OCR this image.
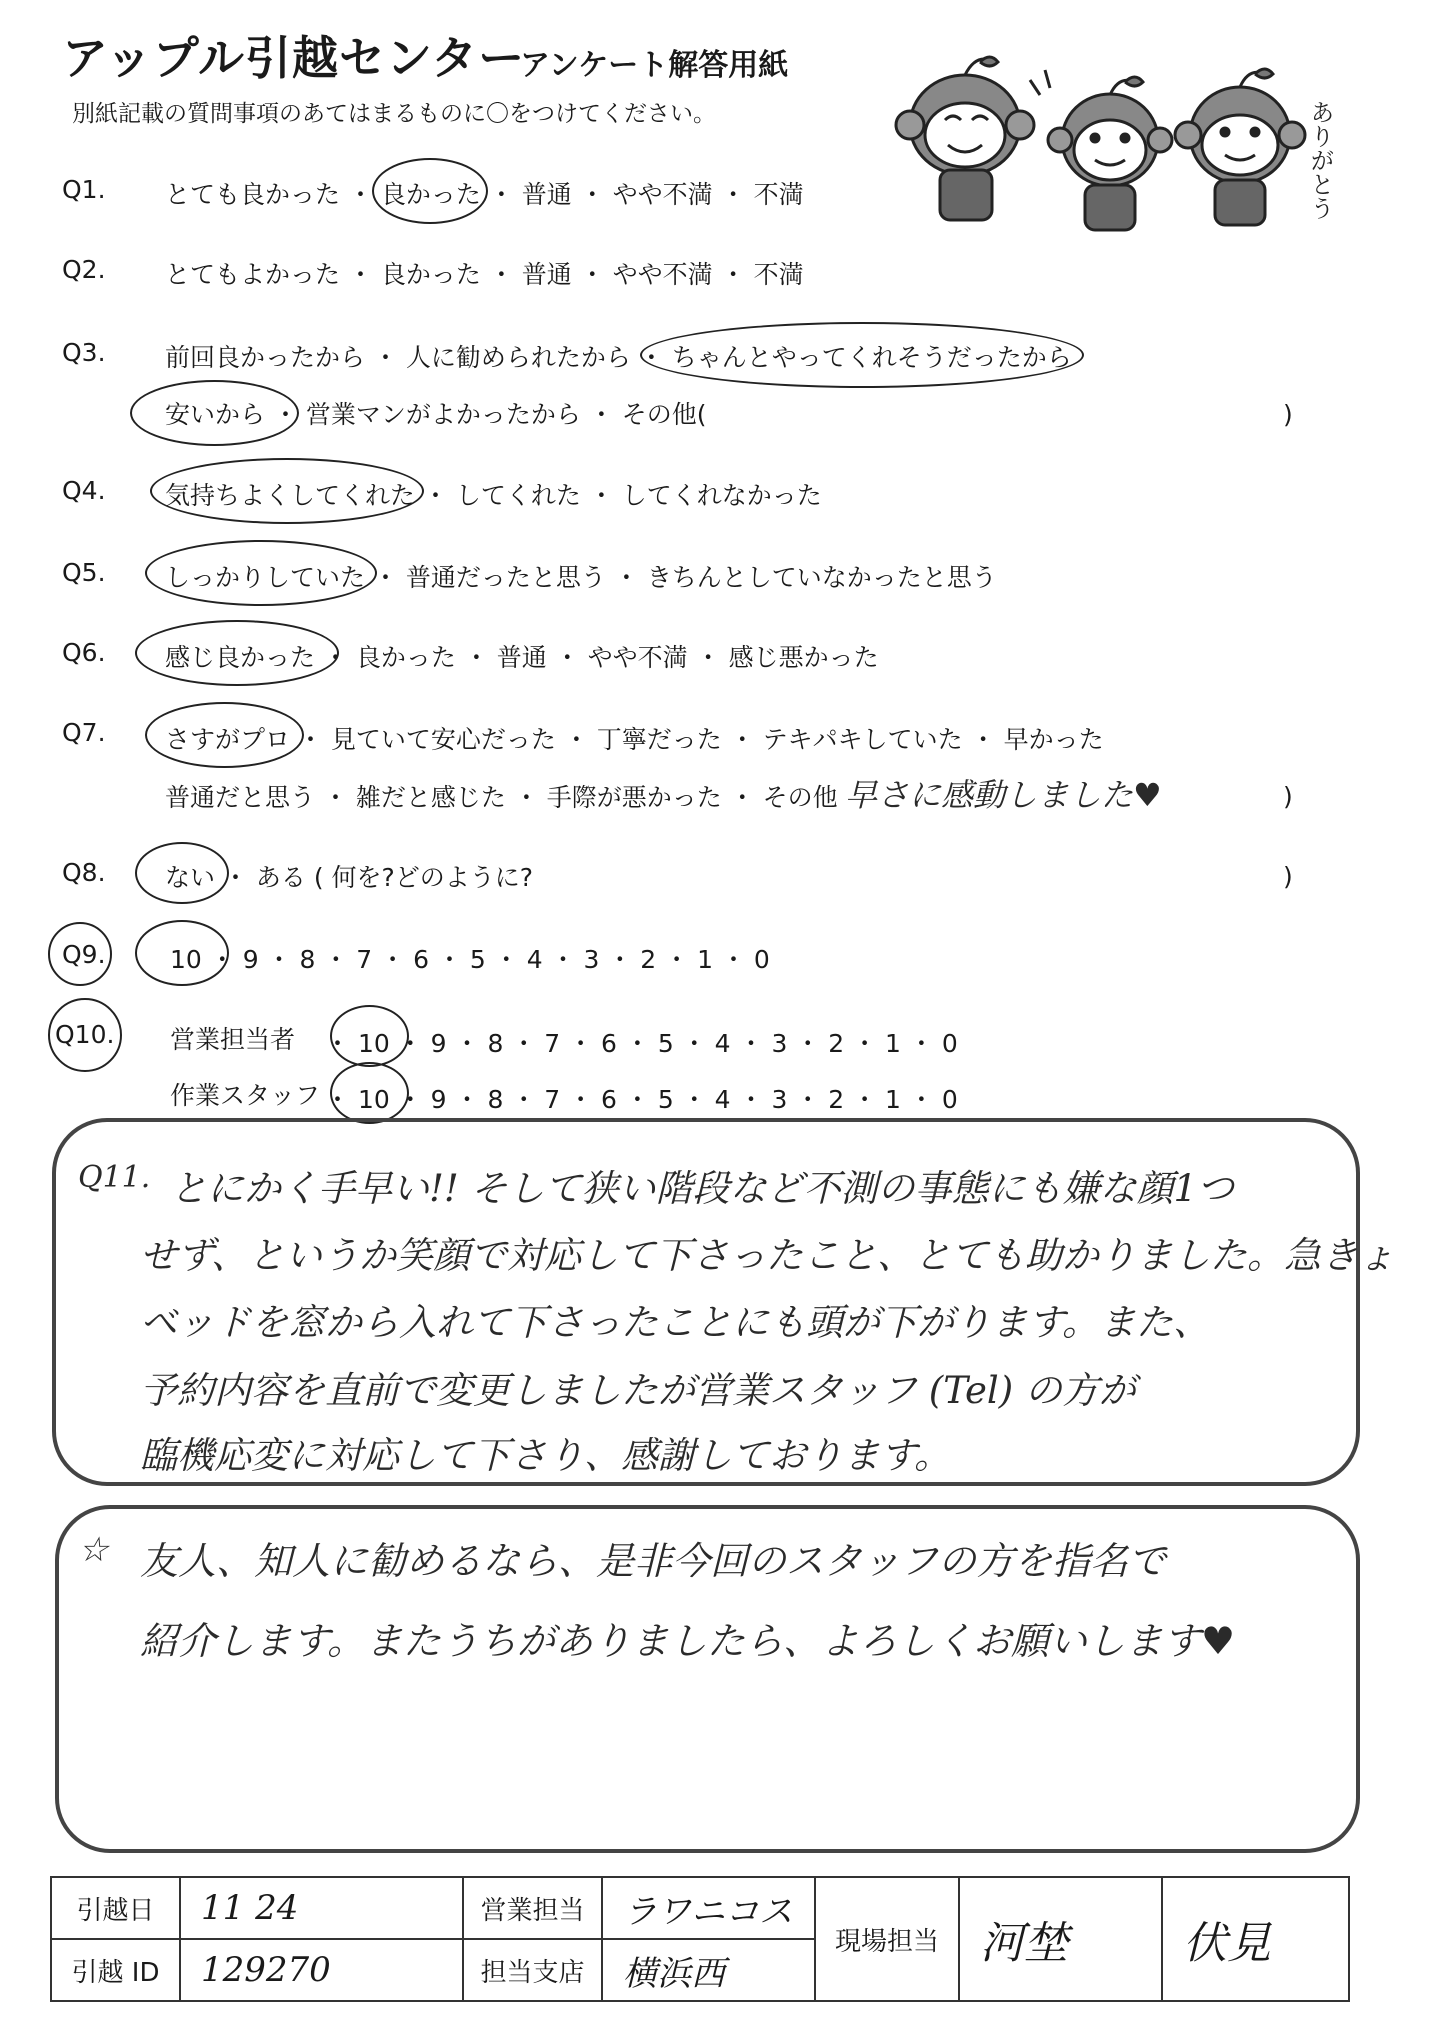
アップル引越センター
アンケート解答用紙
別紙記載の質問事項のあてはまるものに〇をつけてください。	ありがとう
Q1. とても良かった ・ 良かった ・ 普通 ・ やや不満 ・ 不満
Q2. とてもよかった ・ 良かった ・ 普通 ・ やや不満 ・ 不満
Q3. 前回良かったから ・ 人に勧められたから ・ ちゃんとやってくれそうだったから
安いから ・ 営業マンがよかったから ・ その他(	)
Q4. 気持ちよくしてくれた ・ してくれた ・ してくれなかった
Q5. しっかりしていた ・ 普通だったと思う ・ きちんとしていなかったと思う
Q6. 感じ良かった ・ 良かった ・ 普通 ・ やや不満 ・ 感じ悪かった
Q7. さすがプロ ・ 見ていて安心だった ・ 丁寧だった ・ テキパキしていた ・ 早かった
普通だと思う ・ 雑だと感じた ・ 手際が悪かった ・ その他 早さに感動しました♥	)
Q8. ない ・ ある ( 何を?どのように?	)
Q9.	10 ・ 9 ・ 8 ・ 7 ・ 6 ・ 5 ・ 4 ・ 3 ・ 2 ・ 1 ・ 0
Q10. 営業担当者 ・ 10 ・ 9 ・ 8 ・ 7 ・ 6 ・ 5 ・ 4 ・ 3 ・ 2 ・ 1 ・ 0
作業スタッフ ・ 10 ・ 9 ・ 8 ・ 7 ・ 6 ・ 5 ・ 4 ・ 3 ・ 2 ・ 1 ・ 0
Q11. とにかく手早い!! そして狭い階段など不測の事態にも嫌な顔1つ
せず、というか笑顔で対応して下さったこと、とても助かりました。急きょ
ベッドを窓から入れて下さったことにも頭が下がります。また、
予約内容を直前で変更しましたが営業スタッフ (Tel) の方が
臨機応変に対応して下さり、感謝しております。
☆ 友人、知人に勧めるなら、是非今回のスタッフの方を指名で
紹介します。またうちがありましたら、よろしくお願いします♥
引越日	11 24	営業担当	ラワニコス	現場担当	河埜	伏見
引越 ID	129270	担当支店	横浜西			
